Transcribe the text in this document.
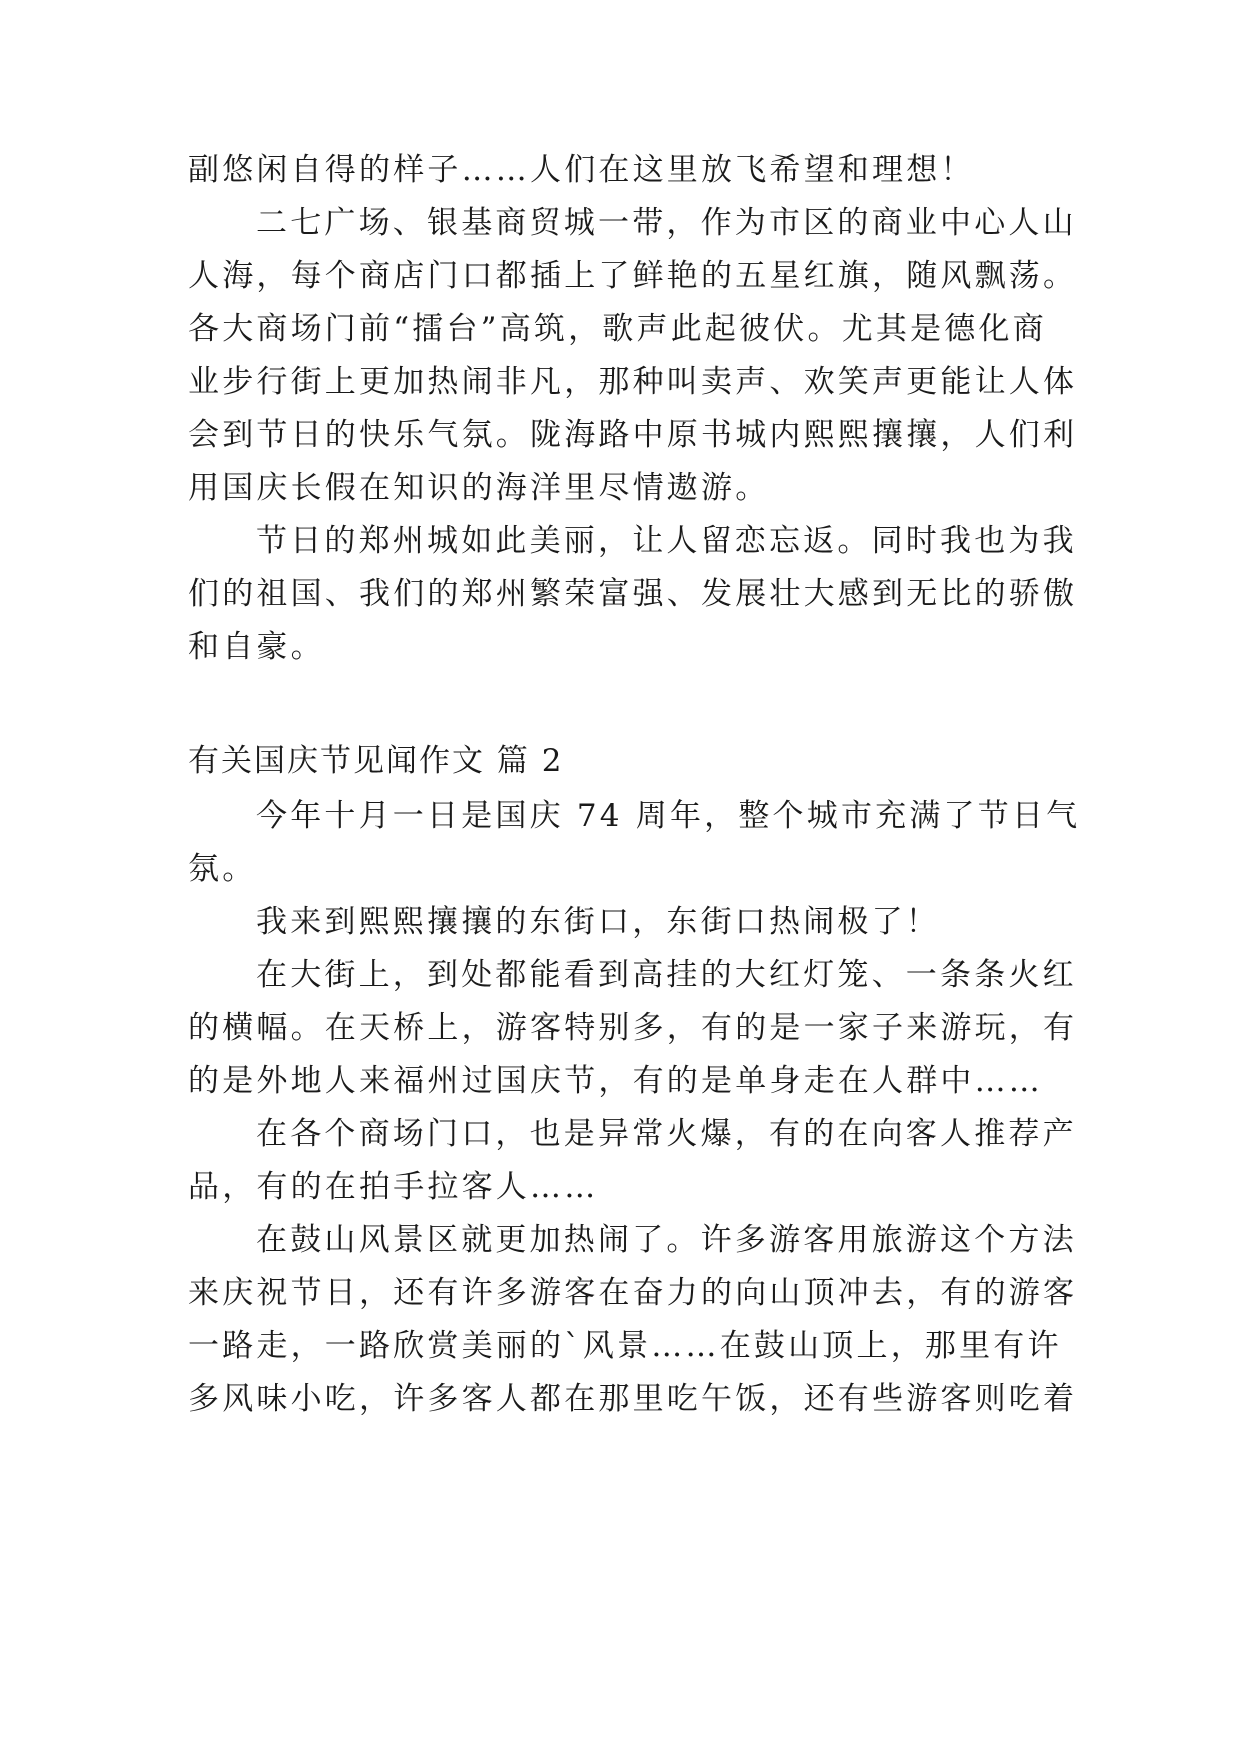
副悠闲自得的样子……人们在这里放飞希望和理想！
二七广场、银基商贸城一带，作为市区的商业中心人山
人海，每个商店门口都插上了鲜艳的五星红旗，随风飘荡。
各大商场门前“擂台”高筑，歌声此起彼伏。尤其是德化商
业步行街上更加热闹非凡，那种叫卖声、欢笑声更能让人体
会到节日的快乐气氛。陇海路中原书城内熙熙攘攘，人们利
用国庆长假在知识的海洋里尽情遨游。
节日的郑州城如此美丽，让人留恋忘返。同时我也为我
们的祖国、我们的郑州繁荣富强、发展壮大感到无比的骄傲
和自豪。
有关国庆节见闻作文 篇 2
今年十月一日是国庆 74 周年，整个城市充满了节日气
氛。
我来到熙熙攘攘的东街口，东街口热闹极了！
在大街上，到处都能看到高挂的大红灯笼、一条条火红
的横幅。在天桥上，游客特别多，有的是一家子来游玩，有
的是外地人来福州过国庆节，有的是单身走在人群中……
在各个商场门口，也是异常火爆，有的在向客人推荐产
品，有的在拍手拉客人……
在鼓山风景区就更加热闹了。许多游客用旅游这个方法
来庆祝节日，还有许多游客在奋力的向山顶冲去，有的游客
一路走，一路欣赏美丽的`风景……在鼓山顶上，那里有许
多风味小吃，许多客人都在那里吃午饭，还有些游客则吃着
